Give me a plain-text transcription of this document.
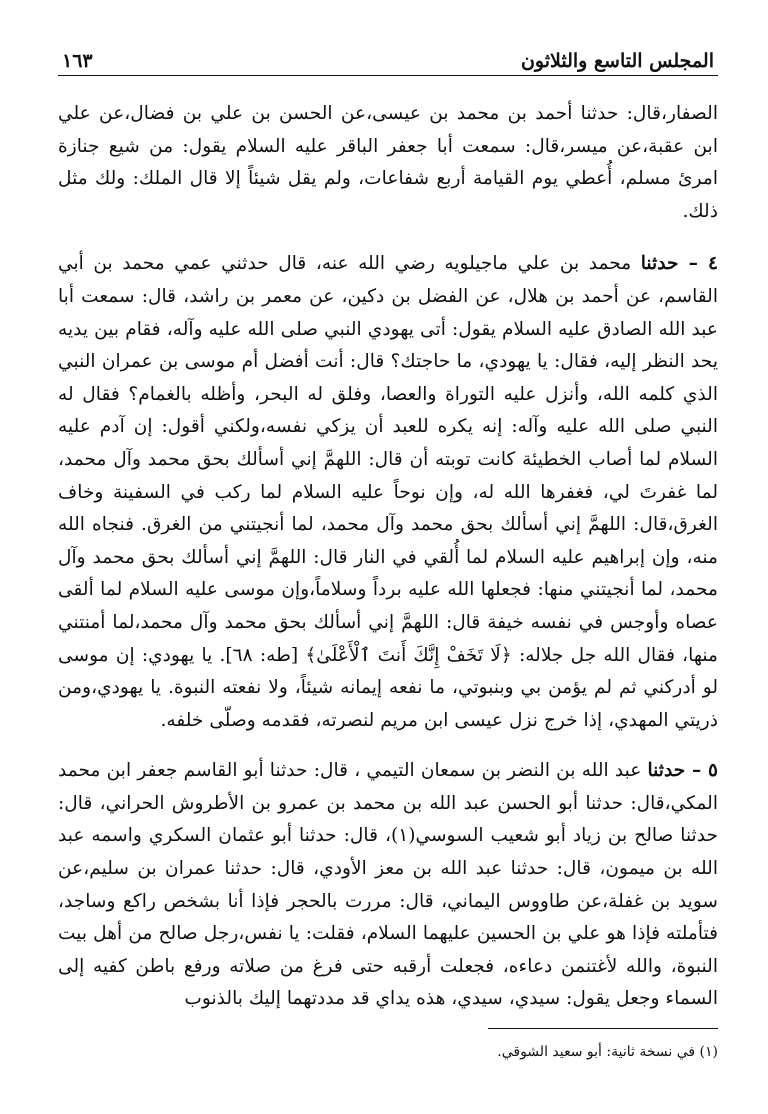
المجلس التاسع والثلاثون
١٦٣

الصفار،قال: حدثنا أحمد بن محمد بن عيسى،عن الحسن بن علي بن فضال،عن علي ابن عقبة،عن ميسر،قال: سمعت أبا جعفر الباقر عليه السلام يقول: من شيع جنازة امرئ مسلم، أُعطي يوم القيامة أربع شفاعات، ولم يقل شيئاً إلا قال الملك: ولك مثل ذلك.

٤ – حدثنا محمد بن علي ماجيلويه رضي الله عنه، قال حدثني عمي محمد بن أبي القاسم، عن أحمد بن هلال، عن الفضل بن دكين، عن معمر بن راشد، قال: سمعت أبا عبد الله الصادق عليه السلام يقول: أتى يهودي النبي صلى الله عليه وآله، فقام بين يديه يحد النظر إليه، فقال: يا يهودي، ما حاجتك؟ قال: أنت أفضل أم موسى بن عمران النبي الذي كلمه الله، وأنزل عليه التوراة والعصا، وفلق له البحر، وأظله بالغمام؟ فقال له النبي صلى الله عليه وآله: إنه يكره للعبد أن يزكي نفسه،ولكني أقول: إن آدم عليه السلام لما أصاب الخطيئة كانت توبته أن قال: اللهمَّ إني أسألك بحق محمد وآل محمد، لما غفرتَ لي، فغفرها الله له، وإن نوحاً عليه السلام لما ركب في السفينة وخاف الغرق،قال: اللهمَّ إني أسألك بحق محمد وآل محمد، لما أنجيتني من الغرق. فنجاه الله منه، وإن إبراهيم عليه السلام لما أُلقي في النار قال: اللهمَّ إني أسألك بحق محمد وآل محمد، لما أنجيتني منها: فجعلها الله عليه برداً وسلاماً،وإن موسى عليه السلام لما ألقى عصاه وأوجس في نفسه خيفة قال: اللهمَّ إني أسألك بحق محمد وآل محمد،لما أمنتني منها، فقال الله جل جلاله: ﴿لَا تَخَفْ إِنَّكَ أَنتَ ٱلْأَعْلَىٰ﴾ [طه: ٦٨]. يا يهودي: إن موسى لو أدركني ثم لم يؤمن بي وبنبوتي، ما نفعه إيمانه شيئاً، ولا نفعته النبوة. يا يهودي،ومن ذريتي المهدي، إذا خرج نزل عيسى ابن مريم لنصرته، فقدمه وصلّى خلفه.

٥ – حدثنا عبد الله بن النضر بن سمعان التيمي ، قال: حدثنا أبو القاسم جعفر ابن محمد المكي،قال: حدثنا أبو الحسن عبد الله بن محمد بن عمرو بن الأطروش الحراني، قال: حدثنا صالح بن زياد أبو شعيب السوسي(١)، قال: حدثنا أبو عثمان السكري واسمه عبد الله بن ميمون، قال: حدثنا عبد الله بن معز الأودي، قال: حدثنا عمران بن سليم،عن سويد بن غفلة،عن طاووس اليماني، قال: مررت بالحجر فإذا أنا بشخص راكع وساجد، فتأملته فإذا هو علي بن الحسين عليهما السلام، فقلت: يا نفس،رجل صالح من أهل بيت النبوة، والله لأغتنمن دعاءه، فجعلت أرقبه حتى فرغ من صلاته ورفع باطن كفيه إلى السماء وجعل يقول: سيدي، سيدي، هذه يداي قد مددتهما إليك بالذنوب

(١) في نسخة ثانية: أبو سعيد الشوقي.
